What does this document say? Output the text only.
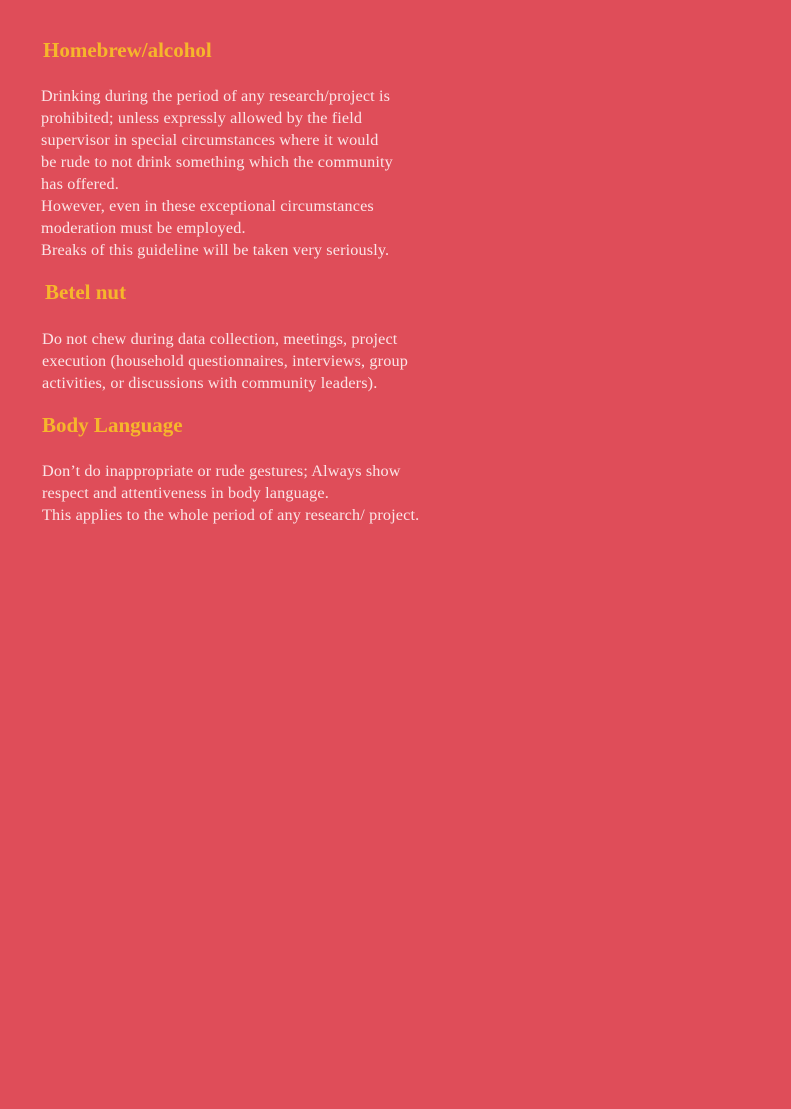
Homebrew/alcohol

Drinking during the period of any research/project is
prohibited; unless expressly allowed by the field
supervisor in special circumstances where it would
be rude to not drink something which the community
has offered.
However, even in these exceptional circumstances
moderation must be employed.
Breaks of this guideline will be taken very seriously.

Betel nut

Do not chew during data collection, meetings, project
execution (household questionnaires, interviews, group
activities, or discussions with community leaders).

Body Language

Don’t do inappropriate or rude gestures; Always show
respect and attentiveness in body language.
This applies to the whole period of any research/ project.
